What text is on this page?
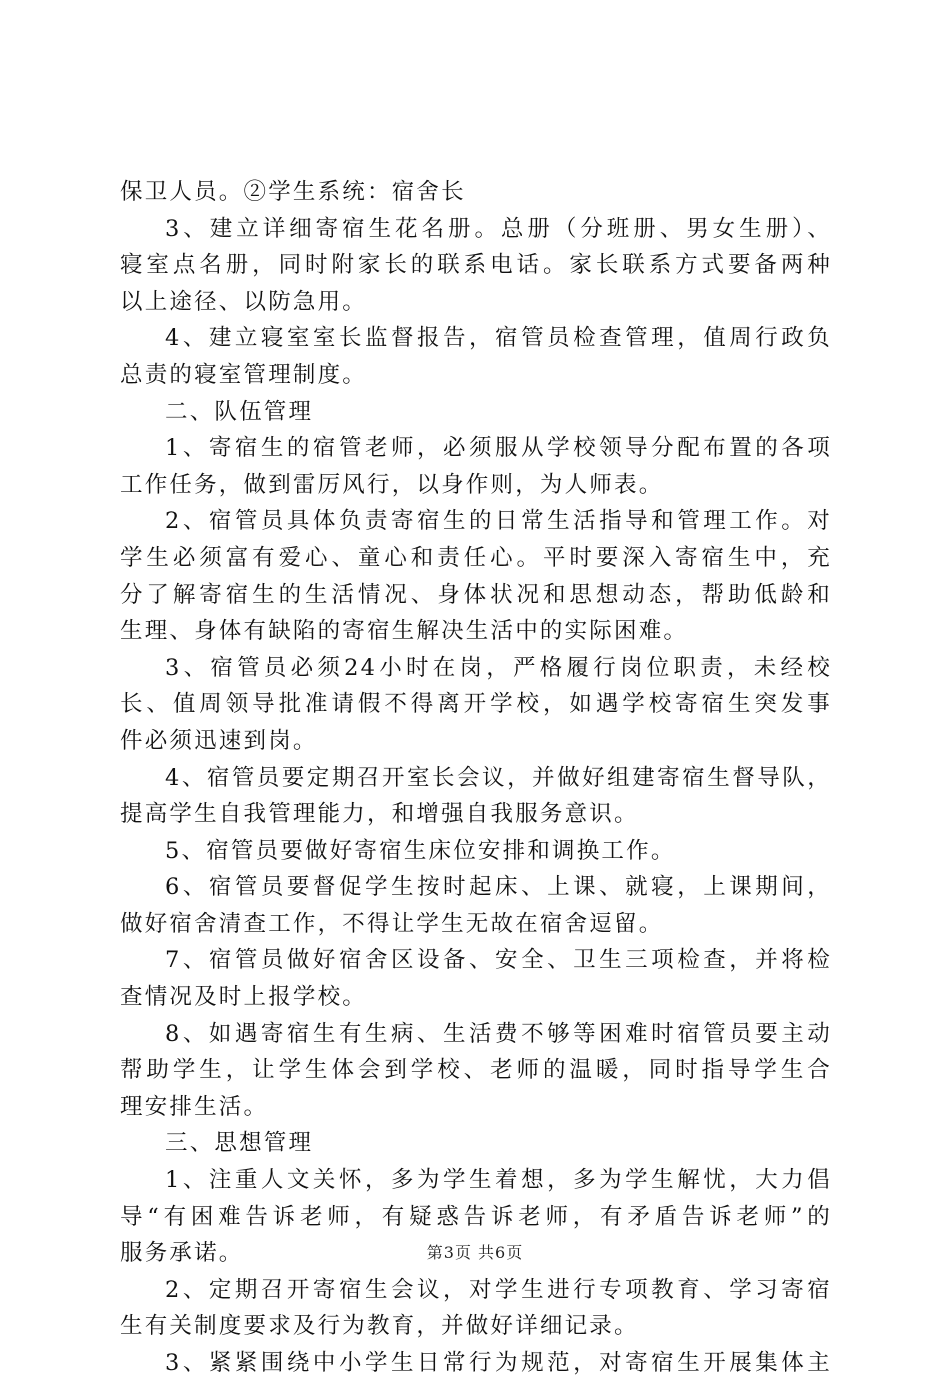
保卫人员。②学生系统：宿舍长
3、建立详细寄宿生花名册。总册（分班册、男女生册）、
寝室点名册，同时附家长的联系电话。家长联系方式要备两种
以上途径、以防急用。
4、建立寝室室长监督报告，宿管员检查管理，值周行政负
总责的寝室管理制度。
二、队伍管理
1、寄宿生的宿管老师，必须服从学校领导分配布置的各项
工作任务，做到雷厉风行，以身作则，为人师表。
2、宿管员具体负责寄宿生的日常生活指导和管理工作。对
学生必须富有爱心、童心和责任心。平时要深入寄宿生中，充
分了解寄宿生的生活情况、身体状况和思想动态，帮助低龄和
生理、身体有缺陷的寄宿生解决生活中的实际困难。
3、宿管员必须24小时在岗，严格履行岗位职责，未经校
长、值周领导批准请假不得离开学校，如遇学校寄宿生突发事
件必须迅速到岗。
4、宿管员要定期召开室长会议，并做好组建寄宿生督导队，
提高学生自我管理能力，和增强自我服务意识。
5、宿管员要做好寄宿生床位安排和调换工作。
6、宿管员要督促学生按时起床、上课、就寝，上课期间，
做好宿舍清查工作，不得让学生无故在宿舍逗留。
7、宿管员做好宿舍区设备、安全、卫生三项检查，并将检
查情况及时上报学校。
8、如遇寄宿生有生病、生活费不够等困难时宿管员要主动
帮助学生，让学生体会到学校、老师的温暖，同时指导学生合
理安排生活。
三、思想管理
1、注重人文关怀，多为学生着想，多为学生解忧，大力倡
导“有困难告诉老师，有疑惑告诉老师，有矛盾告诉老师”的
服务承诺。
2、定期召开寄宿生会议，对学生进行专项教育、学习寄宿
生有关制度要求及行为教育，并做好详细记录。
3、紧紧围绕中小学生日常行为规范，对寄宿生开展集体主
第3页 共6页
